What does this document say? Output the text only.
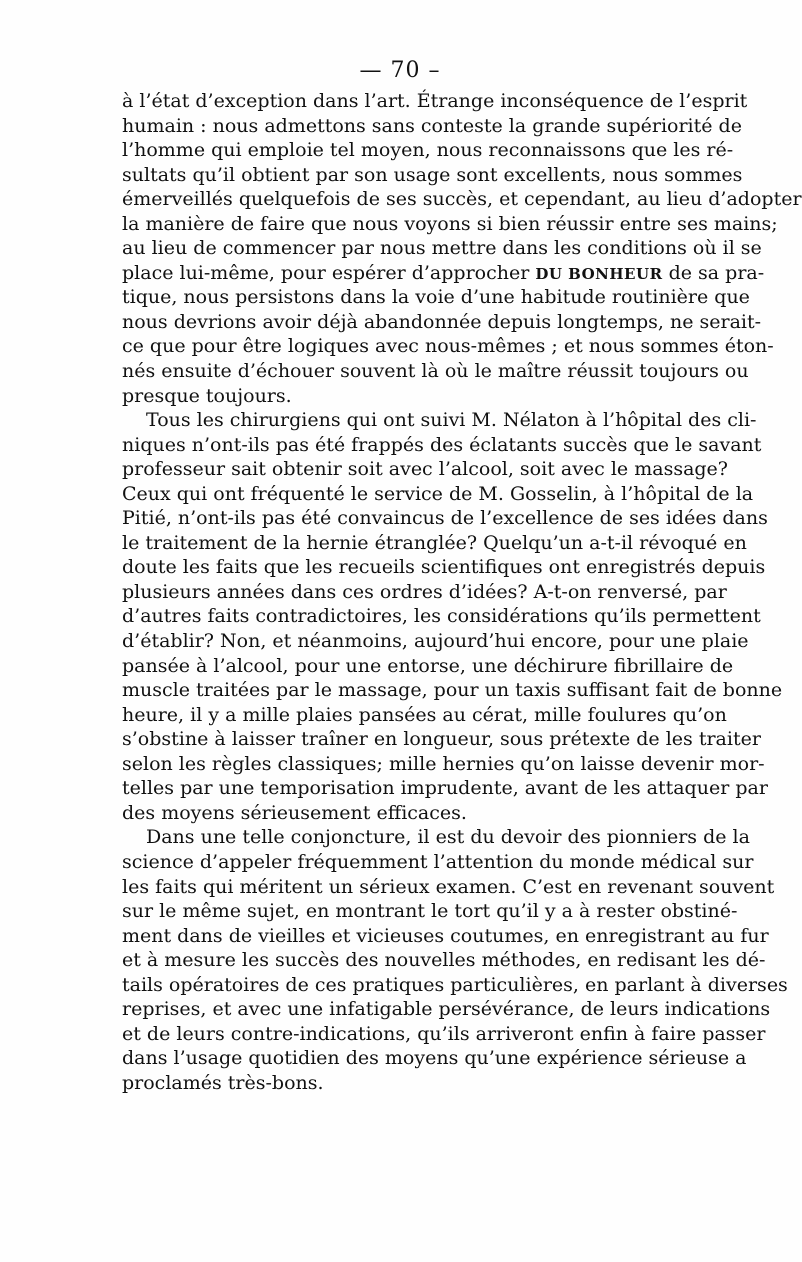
— 70 –
à l’état d’exception dans l’art. Étrange inconséquence de l’esprit
humain : nous admettons sans conteste la grande supériorité de
l’homme qui emploie tel moyen, nous reconnaissons que les ré-
sultats qu’il obtient par son usage sont excellents, nous sommes
émerveillés quelquefois de ses succès, et cependant, au lieu d’adopter
la manière de faire que nous voyons si bien réussir entre ses mains;
au lieu de commencer par nous mettre dans les conditions où il se
place lui-même, pour espérer d’approcher DU BONHEUR de sa pra-
tique, nous persistons dans la voie d’une habitude routinière que
nous devrions avoir déjà abandonnée depuis longtemps, ne serait-
ce que pour être logiques avec nous-mêmes ; et nous sommes éton-
nés ensuite d’échouer souvent là où le maître réussit toujours ou
presque toujours.
Tous les chirurgiens qui ont suivi M. Nélaton à l’hôpital des cli-
niques n’ont-ils pas été frappés des éclatants succès que le savant
professeur sait obtenir soit avec l’alcool, soit avec le massage?
Ceux qui ont fréquenté le service de M. Gosselin, à l’hôpital de la
Pitié, n’ont-ils pas été convaincus de l’excellence de ses idées dans
le traitement de la hernie étranglée? Quelqu’un a-t-il révoqué en
doute les faits que les recueils scientifiques ont enregistrés depuis
plusieurs années dans ces ordres d’idées? A-t-on renversé, par
d’autres faits contradictoires, les considérations qu’ils permettent
d’établir? Non, et néanmoins, aujourd’hui encore, pour une plaie
pansée à l’alcool, pour une entorse, une déchirure fibrillaire de
muscle traitées par le massage, pour un taxis suffisant fait de bonne
heure, il y a mille plaies pansées au cérat, mille foulures qu’on
s’obstine à laisser traîner en longueur, sous prétexte de les traiter
selon les règles classiques; mille hernies qu’on laisse devenir mor-
telles par une temporisation imprudente, avant de les attaquer par
des moyens sérieusement efficaces.
Dans une telle conjoncture, il est du devoir des pionniers de la
science d’appeler fréquemment l’attention du monde médical sur
les faits qui méritent un sérieux examen. C’est en revenant souvent
sur le même sujet, en montrant le tort qu’il y a à rester obstiné-
ment dans de vieilles et vicieuses coutumes, en enregistrant au fur
et à mesure les succès des nouvelles méthodes, en redisant les dé-
tails opératoires de ces pratiques particulières, en parlant à diverses
reprises, et avec une infatigable persévérance, de leurs indications
et de leurs contre-indications, qu’ils arriveront enfin à faire passer
dans l’usage quotidien des moyens qu’une expérience sérieuse a
proclamés très-bons.
